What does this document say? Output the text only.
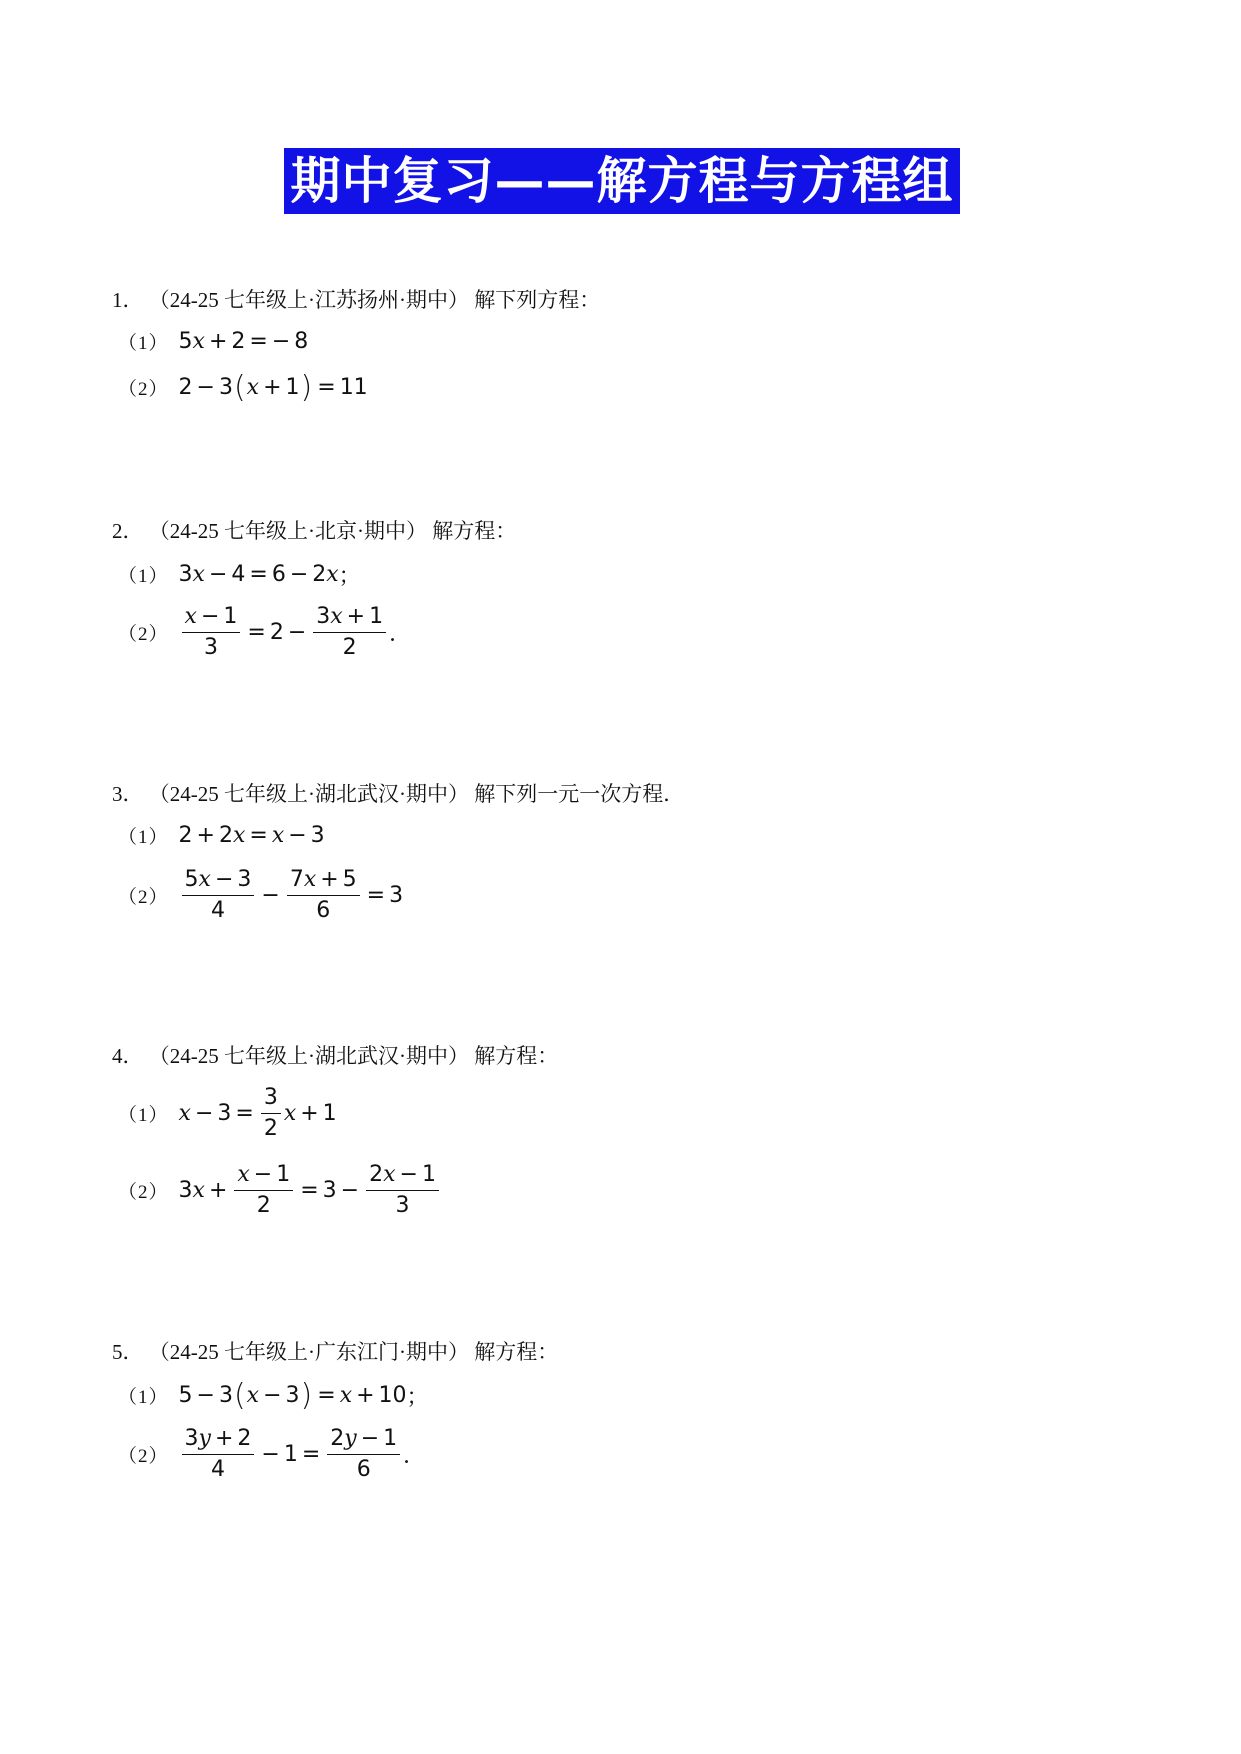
期中复习——解方程与方程组
1． （24-25 七年级上·江苏扬州·期中） 解下列方程：
（1） 5 x + 2 = − 8
（2） 2 − 3 ( x + 1 ) = 11
2． （24-25 七年级上·北京·期中） 解方程：
（1） 3 x − 4 = 6 − 2 x ；
$(2) \frac{x - 1}{3} = 2 - \frac{3x + 1}{2}$ ．
3． （24-25 七年级上·湖北武汉·期中） 解下列一元一次方程．
（1） 2 + 2 x = x − 3
$(2) \frac{5x - 3}{4} - \frac{7x + 5}{6} = 3$
4． （24-25 七年级上·湖北武汉·期中） 解方程：
（1） $x - 3 = \frac{3}{2}$ x + 1
（2） 3 $x + \frac{x - 1}{2} = 3 - \frac{2x - 1}{3}$
5． （24-25 七年级上·广东江门·期中） 解方程：
（1） 5 − 3 ( x − 3 ) = x + 10 ；
$(2) \frac{3y + 2}{4} - 1 = \frac{2y - 1}{6}$ ．
